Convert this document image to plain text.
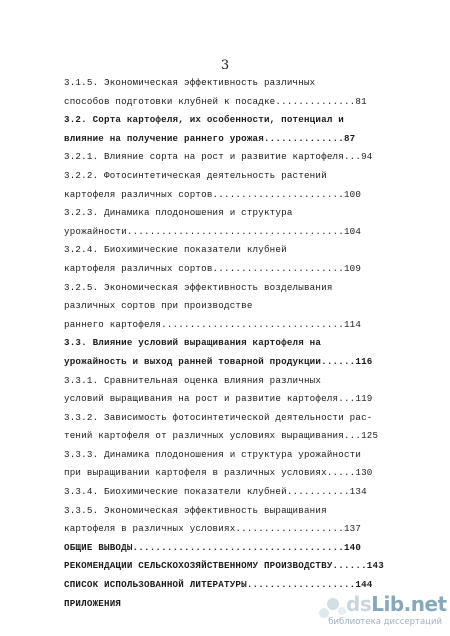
3
3.1.5. Экономическая эффективность различных
способов подготовки клубней к посадке..............81
3.2. Сорта картофеля, их особенности, потенциал и
влияние на получение раннего урожая..............87
3.2.1. Влияние сорта на рост и развитие картофеля...94
3.2.2. Фотосинтетическая деятельность растений
картофеля различных сортов.......................100
3.2.3. Динамика плодоношения и структура
урожайности......................................104
3.2.4. Биохимические показатели клубней
картофеля различных сортов.......................109
3.2.5. Экономическая эффективность возделывания
различных сортов при производстве
раннего картофеля................................114
3.3. Влияние условий выращивания картофеля на
урожайность и выход ранней товарной продукции......116
3.3.1. Сравнительная оценка влияния различных
условий выращивания на рост и развитие картофеля...119
3.3.2. Зависимость фотосинтетической деятельности рас-
тений картофеля от различных условиях выращивания...125
3.3.3. Динамика плодоношения и структура урожайности
при выращивании картофеля в различных условиях.....130
3.3.4. Биохимические показатели клубней...........134
3.3.5. Экономическая эффективность выращивания
картофеля в различных условиях...................137
ОБЩИЕ ВЫВОДЫ.....................................140
РЕКОМЕНДАЦИИ СЕЛЬСКОХОЗЯЙСТВЕННОМУ ПРОИЗВОДСТВУ......143
СПИСОК ИСПОЛЬЗОВАННОЙ ЛИТЕРАТУРЫ...................144
ПРИЛОЖЕНИЯ	dsLib.net
библиотека диссертаций
